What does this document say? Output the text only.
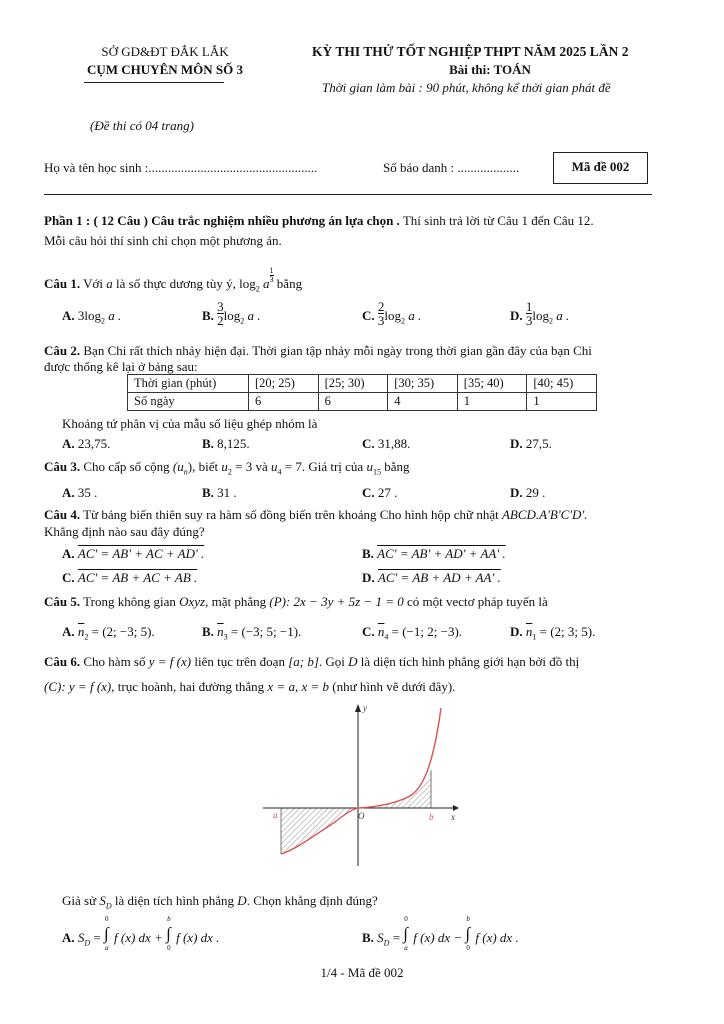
SỞ GD&ĐT ĐẮK LẮK
CỤM CHUYÊN MÔN SỐ 3
KỲ THI THỬ TỐT NGHIỆP THPT NĂM 2025 LẦN 2
Bài thi: TOÁN
Thời gian làm bài : 90 phút, không kể thời gian phát đề
(Đề thi có 04 trang)
Họ và tên học sinh :....................................................	Số báo danh : ...................	Mã đề 002
Phần 1 : ( 12 Câu ) Câu trắc nghiệm nhiều phương án lựa chọn . Thí sinh trả lời từ Câu 1 đến Câu 12.
Mỗi câu hỏi thí sinh chỉ chọn một phương án.
Câu 1. Với a là số thực dương tùy ý, $\log_2 a \frac{1}{3}$ bằng
A. $3\log_2$ a .	B. $\frac{3}{2} \log_2 a$ .	C. $\frac{2}{3} \log_2 a$ .	D. $\frac{1}{3} \log_2 a$ .
Câu 2. Bạn Chi rất thích nhảy hiện đại. Thời gian tập nhảy mỗi ngày trong thời gian gần đây của bạn Chi
được thống kê lại ở bảng sau:
Thời gian (phút)	[20; 25)	[25; 30)	[30; 35)	[35; 40)	[40; 45)
Số ngày	6	6	4	1	1
Khoảng tứ phân vị của mẫu số liệu ghép nhóm là
A. 23,75.	B. 8,125.	C. 31,88.	D. 27,5.
Câu 3. Cho cấp số cộng $(u_n)$, biết $u_2 = 3$ và $u_4 = 7$. Giá trị của $u_{15}$ bằng
A. 35 .	B. 31 .	C. 27 .	D. 29 .
Câu 4. Từ bảng biến thiên suy ra hàm số đồng biến trên khoảng Cho hình hộp chữ nhật ABCD.A'B'C'D'.
Khẳng định nào sau đây đúng?
A. AC' = AB' + AC + AD' .	B. AC' = AB' + AD' + AA' .
C. AC' = AB + AC + AB .	D. AC' = AB + AD + AA' .
Câu 5. Trong không gian Oxyz, mặt phẳng (P): 2x − 3y + 5z − 1 = 0 có một vectơ pháp tuyến là
A. $\overline{n}_2 = (2$; −3; 5).	B. $\overline{n}_3 = (-3$; 5; −1).	C. $\overline{n}_4 = (-1$; 2; −3).	D. $\overline{n}_1 = (2$; 3; 5).
Câu 6. Cho hàm số y = f (x) liên tục trên đoạn [a; b]. Gọi D là diện tích hình phẳng giới hạn bởi đồ thị
(C): y = f (x), trục hoành, hai đường thẳng x = a, x = b (như hình vẽ dưới đây).
y
x
O
a	b
Giả sử $S_D$ là diện tích hình phẳng D. Chọn khẳng định đúng?
A. $S_D$ =
0
∫
a
f (x) dx +
b
∫
0
f (x) dx .	B. $S_D$ =
0
∫
a
f (x) dx −
b
∫
0
f (x) dx .
1/4 - Mã đề 002
